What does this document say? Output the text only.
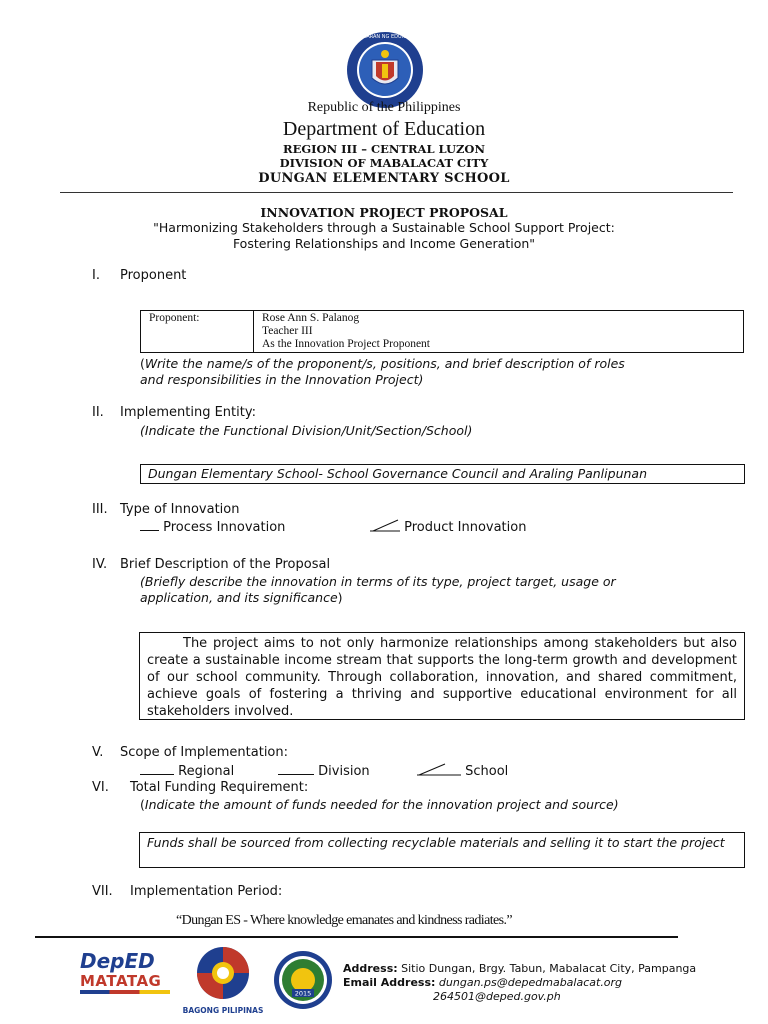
KAGAWARAN NG EDUKASYON
Republic of the Philippines
Department of Education
REGION III – CENTRAL LUZON
DIVISION OF MABALACAT CITY
DUNGAN ELEMENTARY SCHOOL
INNOVATION PROJECT PROPOSAL
"Harmonizing Stakeholders through a Sustainable School Support Project:
Fostering Relationships and Income Generation"
I. Proponent
Proponent:	Rose Ann S. Palanog
Teacher III
As the Innovation Project Proponent
(Write the name/s of the proponent/s, positions, and brief description of roles
and responsibilities in the Innovation Project)
II. Implementing Entity:
(Indicate the Functional Division/Unit/Section/School)
Dungan Elementary School- School Governance Council and Araling Panlipunan
III. Type of Innovation
Process Innovation	Product Innovation
IV. Brief Description of the Proposal
(Briefly describe the innovation in terms of its type, project target, usage or
application, and its significance)
The project aims to not only harmonize relationships among stakeholders but also create a sustainable income stream that supports the long-term growth and development of our school community. Through collaboration, innovation, and shared commitment, achieve goals of fostering a thriving and supportive educational environment for all stakeholders involved.
V. Scope of Implementation:
Regional	Division	School
VI. Total Funding Requirement:
(Indicate the amount of funds needed for the innovation project and source)
Funds shall be sourced from collecting recyclable materials and selling it to start the project
VII. Implementation Period:
“Dungan ES - Where knowledge emanates and kindness radiates.”
DepED
MATATAG
BAGONG PILIPINAS
2015
Address: Sitio Dungan, Brgy. Tabun, Mabalacat City, Pampanga
Email Address: dungan.ps@depedmabalacat.org
264501@deped.gov.ph
